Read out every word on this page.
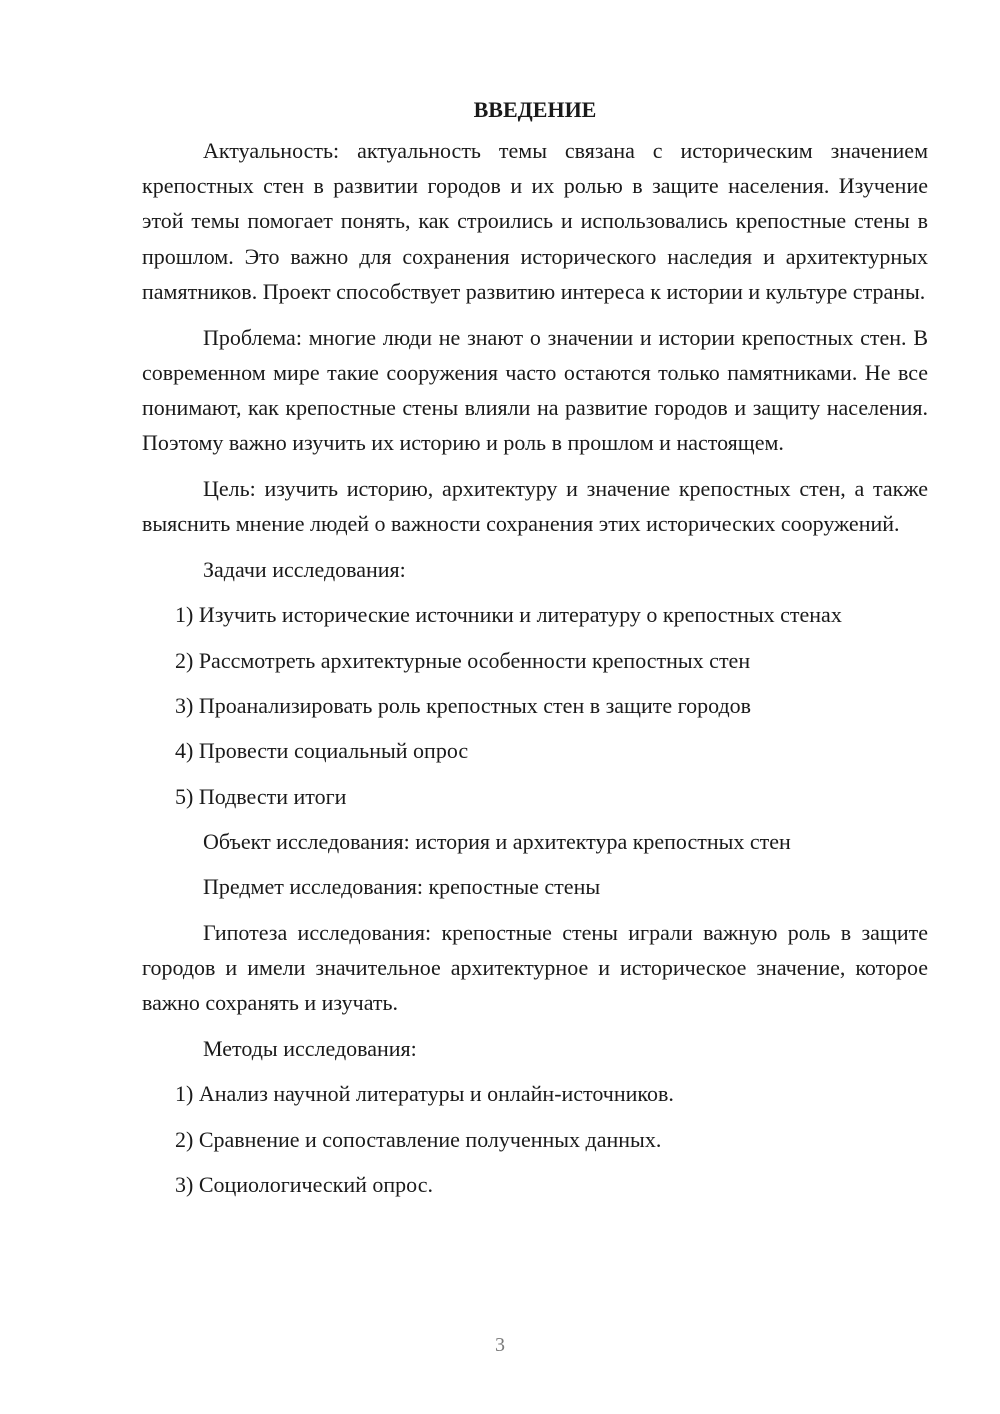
ВВЕДЕНИЕ

Актуальность: актуальность темы связана с историческим значением крепостных стен в развитии городов и их ролью в защите населения. Изучение этой темы помогает понять, как строились и использовались крепостные стены в прошлом. Это важно для сохранения исторического наследия и архитектурных памятников. Проект способствует развитию интереса к истории и культуре страны.

Проблема: многие люди не знают о значении и истории крепостных стен. В современном мире такие сооружения часто остаются только памятниками. Не все понимают, как крепостные стены влияли на развитие городов и защиту населения. Поэтому важно изучить их историю и роль в прошлом и настоящем.

Цель: изучить историю, архитектуру и значение крепостных стен, а также выяснить мнение людей о важности сохранения этих исторических сооружений.

Задачи исследования:
1) Изучить исторические источники и литературу о крепостных стенах
2) Рассмотреть архитектурные особенности крепостных стен
3) Проанализировать роль крепостных стен в защите городов
4) Провести социальный опрос
5) Подвести итоги
Объект исследования: история и архитектура крепостных стен
Предмет исследования: крепостные стены

Гипотеза исследования: крепостные стены играли важную роль в защите городов и имели значительное архитектурное и историческое значение, которое важно сохранять и изучать.

Методы исследования:
1) Анализ научной литературы и онлайн-источников.
2) Сравнение и сопоставление полученных данных.
3) Социологический опрос.
3
